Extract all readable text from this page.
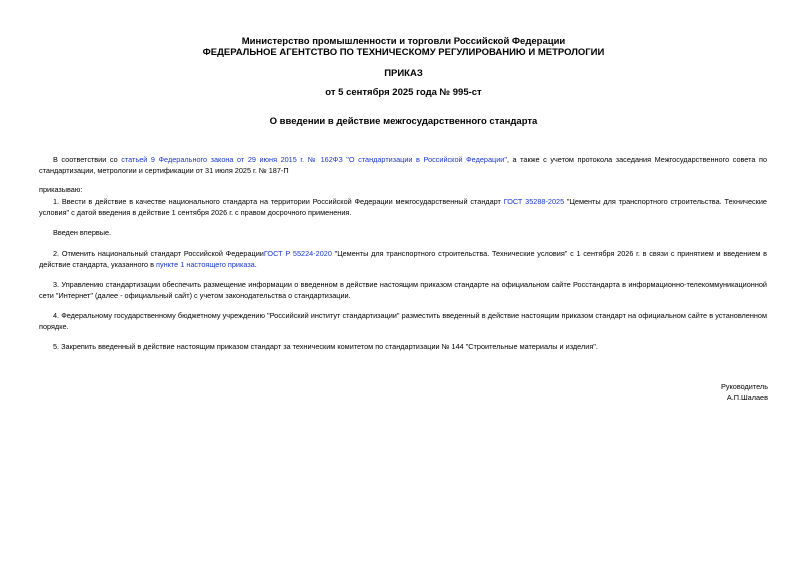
Министерство промышленности и торговли Российской Федерации
ФЕДЕРАЛЬНОЕ АГЕНТСТВО ПО ТЕХНИЧЕСКОМУ РЕГУЛИРОВАНИЮ И МЕТРОЛОГИИ
ПРИКАЗ
от 5 сентября 2025 года № 995-ст
О введении в действие межгосударственного стандарта

В соответствии со статьей 9 Федерального закона от 29 июня 2015 г. № 162ФЗ "О стандартизации в Российской Федерации", а также с учетом протокола заседания Межгосударственного совета по стандартизации, метрологии и сертификации от 31 июля 2025 г. № 187-П

приказываю:

1. Ввести в действие в качестве национального стандарта на территории Российской Федерации межгосударственный стандарт ГОСТ 35288-2025 "Цементы для транспортного строительства. Технические условия" с датой введения в действие 1 сентября 2026 г. с правом досрочного применения.

Введен впервые.

2. Отменить национальный стандарт Российской ФедерацииГОСТ Р 55224-2020 "Цементы для транспортного строительства. Технические условия" с 1 сентября 2026 г. в связи с принятием и введением в действие стандарта, указанного в пункте 1 настоящего приказа.

3. Управлению стандартизации обеспечить размещение информации о введенном в действие настоящим приказом стандарте на официальном сайте Росстандарта в информационно-телекоммуникационной сети "Интернет" (далее - официальный сайт) с учетом законодательства о стандартизации.

4. Федеральному государственному бюджетному учреждению "Российский институт стандартизации" разместить введенный в действие настоящим приказом стандарт на официальном сайте в установленном порядке.

5. Закрепить введенный в действие настоящим приказом стандарт за техническим комитетом по стандартизации № 144 "Строительные материалы и изделия".

Руководитель
А.П.Шалаев
